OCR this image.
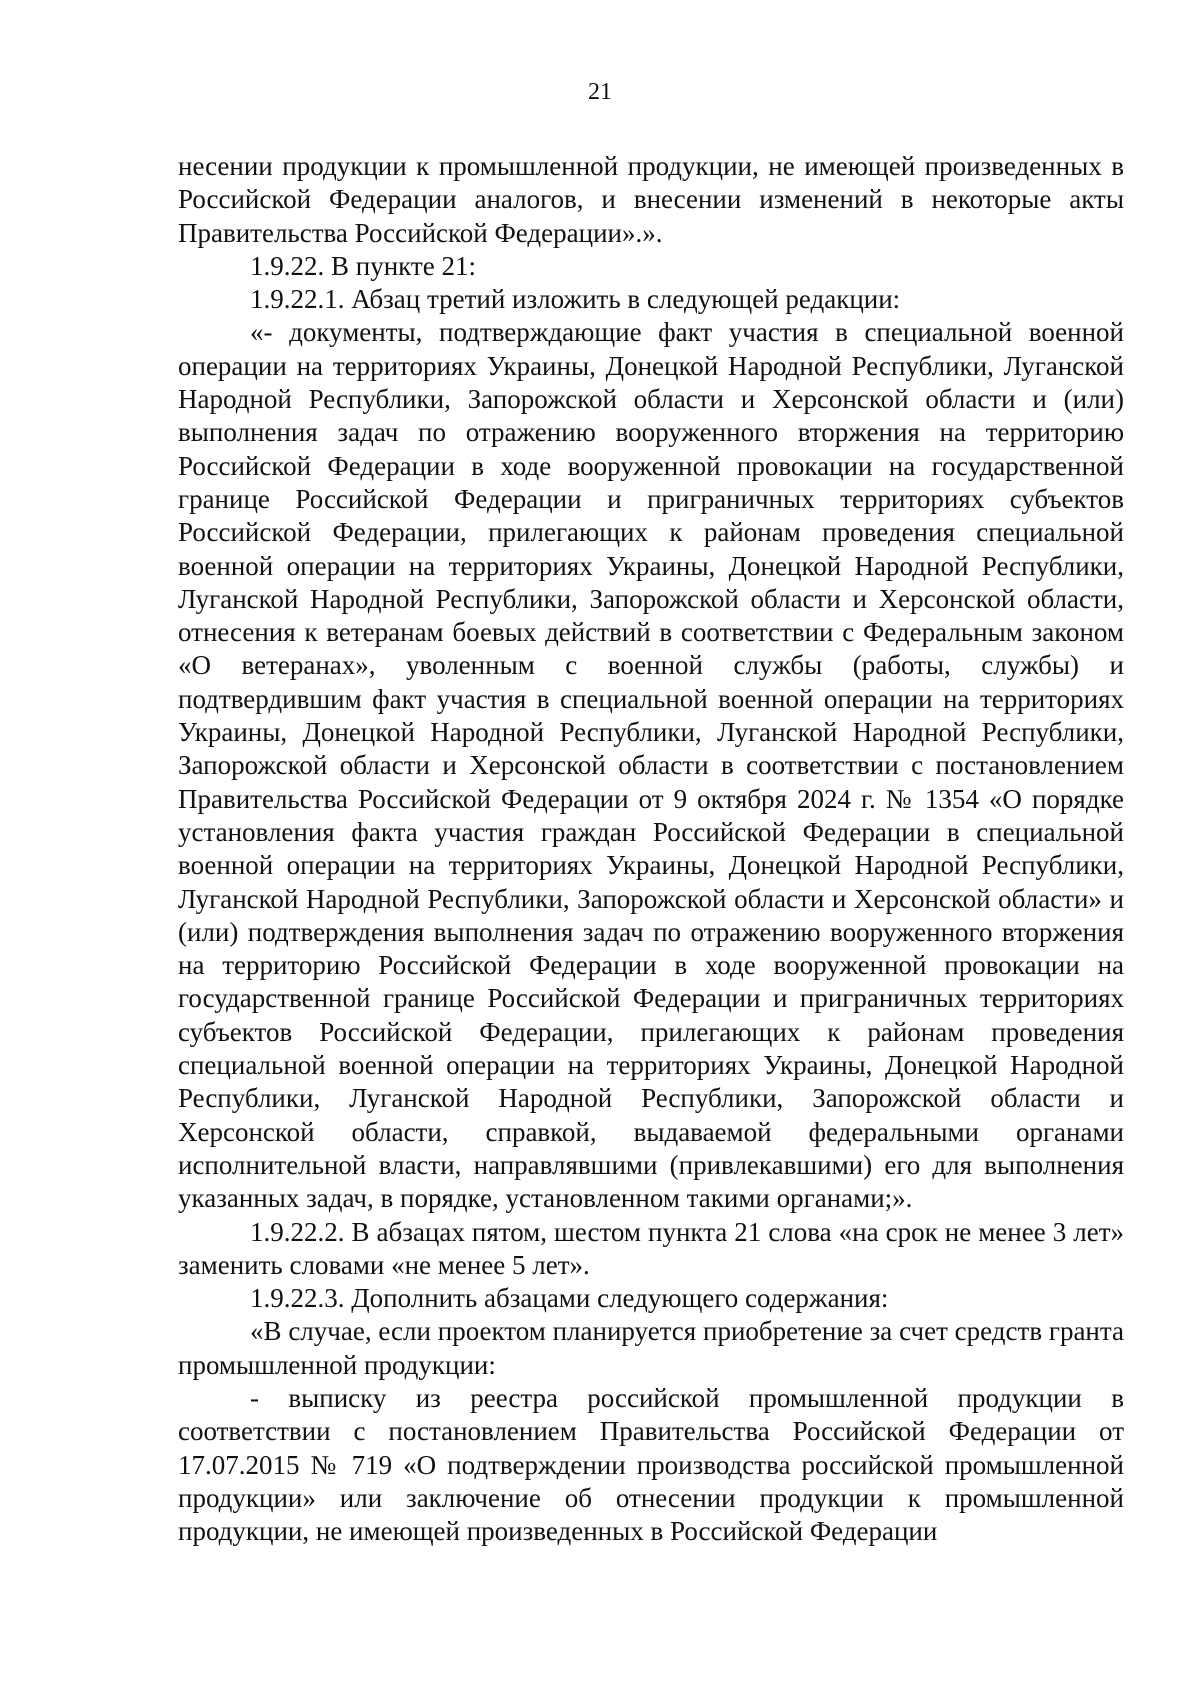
21

несении продукции к промышленной продукции, не имеющей произведенных в Российской Федерации аналогов, и внесении изменений в некоторые акты Правительства Российской Федерации».».

1.9.22. В пункте 21:

1.9.22.1. Абзац третий изложить в следующей редакции:

«- документы, подтверждающие факт участия в специальной военной операции на территориях Украины, Донецкой Народной Республики, Луганской Народной Республики, Запорожской области и Херсонской области и (или) выполнения задач по отражению вооруженного вторжения на территорию Российской Федерации в ходе вооруженной провокации на государственной границе Российской Федерации и приграничных территориях субъектов Российской Федерации, прилегающих к районам проведения специальной военной операции на территориях Украины, Донецкой Народной Республики, Луганской Народной Республики, Запорожской области и Херсонской области, отнесения к ветеранам боевых действий в соответствии с Федеральным законом «О ветеранах», уволенным с военной службы (работы, службы) и подтвердившим факт участия в специальной военной операции на территориях Украины, Донецкой Народной Республики, Луганской Народной Республики, Запорожской области и Херсонской области в соответствии с постановлением Правительства Российской Федерации от 9 октября 2024 г. № 1354 «О порядке установления факта участия граждан Российской Федерации в специальной военной операции на территориях Украины, Донецкой Народной Республики, Луганской Народной Республики, Запорожской области и Херсонской области» и (или) подтверждения выполнения задач по отражению вооруженного вторжения на территорию Российской Федерации в ходе вооруженной провокации на государственной границе Российской Федерации и приграничных территориях субъектов Российской Федерации, прилегающих к районам проведения специальной военной операции на территориях Украины, Донецкой Народной Республики, Луганской Народной Республики, Запорожской области и Херсонской области, справкой, выдаваемой федеральными органами исполнительной власти, направлявшими (привлекавшими) его для выполнения указанных задач, в порядке, установленном такими органами;».

1.9.22.2. В абзацах пятом, шестом пункта 21 слова «на срок не менее 3 лет» заменить словами «не менее 5 лет».

1.9.22.3. Дополнить абзацами следующего содержания:

«В случае, если проектом планируется приобретение за счет средств гранта промышленной продукции:

- выписку из реестра российской промышленной продукции в соответствии с постановлением Правительства Российской Федерации от 17.07.2015 № 719 «О подтверждении производства российской промышленной продукции» или заключение об отнесении продукции к промышленной продукции, не имеющей произведенных в Российской Федерации
